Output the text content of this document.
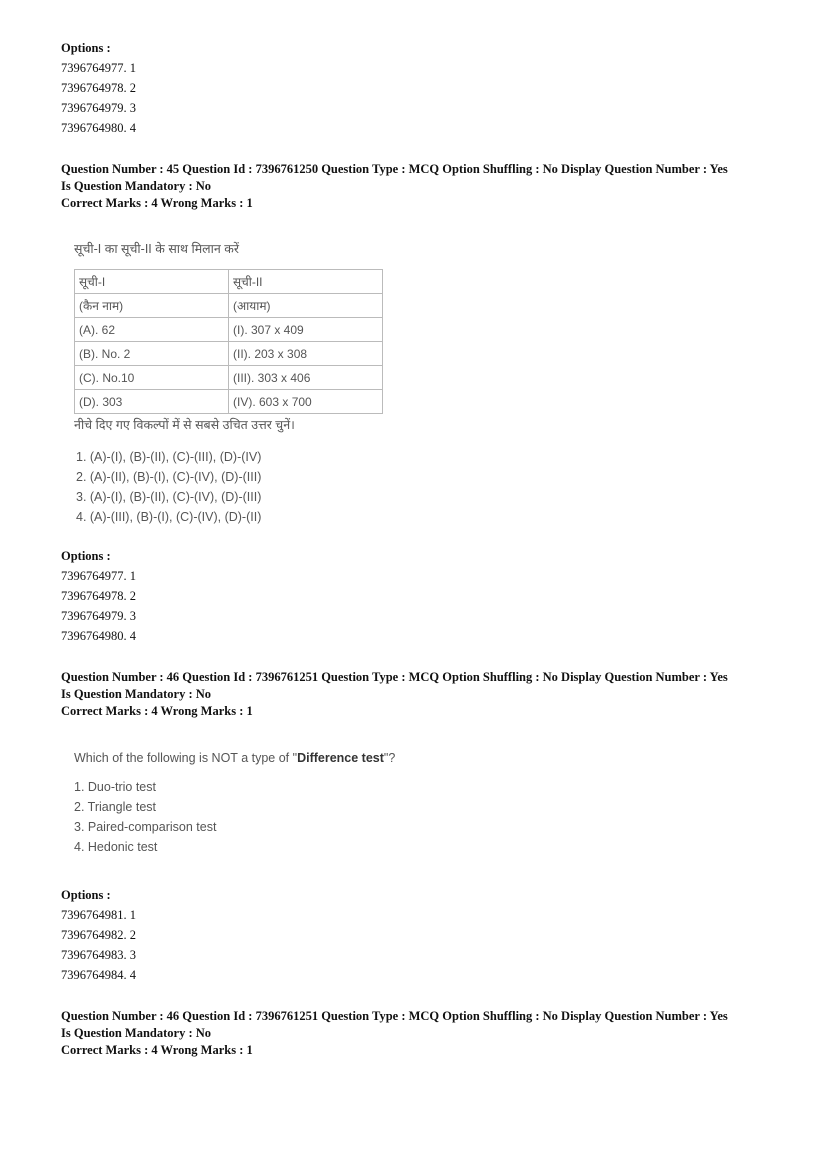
Options :
7396764977. 1
7396764978. 2
7396764979. 3
7396764980. 4
Question Number : 45 Question Id : 7396761250 Question Type : MCQ Option Shuffling : No Display Question Number : Yes
Is Question Mandatory : No
Correct Marks : 4 Wrong Marks : 1
सूची-I का सूची-II के साथ मिलान करें
सूची-I	सूची-II
(कैन नाम)	(आयाम)
(A). 62	(I). 307 x 409
(B). No. 2	(II). 203 x 308
(C). No.10	(III). 303 x 406
(D). 303	(IV). 603 x 700
नीचे दिए गए विकल्पों में से सबसे उचित उत्तर चुनें।
1. (A)-(I), (B)-(II), (C)-(III), (D)-(IV)
2. (A)-(II), (B)-(I), (C)-(IV), (D)-(III)
3. (A)-(I), (B)-(II), (C)-(IV), (D)-(III)
4. (A)-(III), (B)-(I), (C)-(IV), (D)-(II)
Options :
7396764977. 1
7396764978. 2
7396764979. 3
7396764980. 4
Question Number : 46 Question Id : 7396761251 Question Type : MCQ Option Shuffling : No Display Question Number : Yes
Is Question Mandatory : No
Correct Marks : 4 Wrong Marks : 1
Which of the following is NOT a type of "Difference test"?
1. Duo-trio test
2. Triangle test
3. Paired-comparison test
4. Hedonic test
Options :
7396764981. 1
7396764982. 2
7396764983. 3
7396764984. 4
Question Number : 46 Question Id : 7396761251 Question Type : MCQ Option Shuffling : No Display Question Number : Yes
Is Question Mandatory : No
Correct Marks : 4 Wrong Marks : 1
